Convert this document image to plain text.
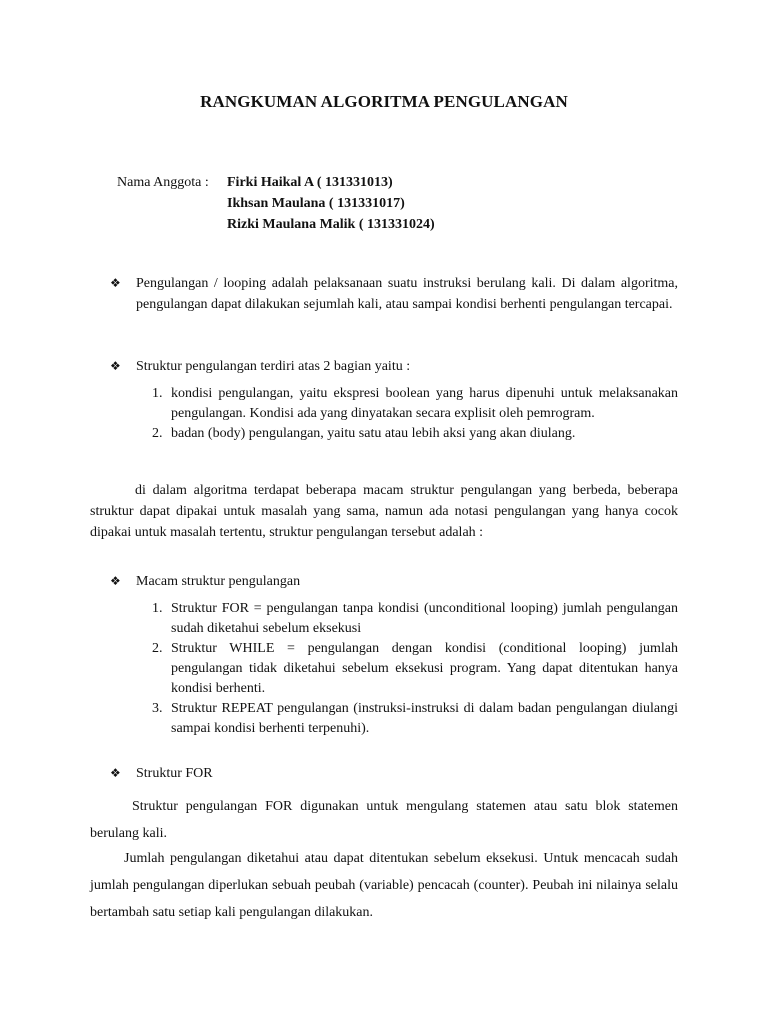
RANGKUMAN ALGORITMA PENGULANGAN
Nama Anggota : Firki Haikal A ( 131331013)
Ikhsan Maulana ( 131331017)
Rizki Maulana Malik ( 131331024)
❖	Pengulangan / looping adalah pelaksanaan suatu instruksi berulang kali. Di dalam algoritma, pengulangan dapat dilakukan sejumlah kali, atau sampai kondisi berhenti pengulangan tercapai.
❖	Struktur pengulangan terdiri atas 2 bagian yaitu :
1. kondisi pengulangan, yaitu ekspresi boolean yang harus dipenuhi untuk melaksanakan pengulangan. Kondisi ada yang dinyatakan secara explisit oleh pemrogram.
2. badan (body) pengulangan, yaitu satu atau lebih aksi yang akan diulang.
di dalam algoritma terdapat beberapa macam struktur pengulangan yang berbeda, beberapa struktur dapat dipakai untuk masalah yang sama, namun ada notasi pengulangan yang hanya cocok dipakai untuk masalah tertentu, struktur pengulangan tersebut adalah :
❖	Macam struktur pengulangan
1. Struktur FOR = pengulangan tanpa kondisi (unconditional looping) jumlah pengulangan sudah diketahui sebelum eksekusi
2. Struktur WHILE = pengulangan dengan kondisi (conditional looping) jumlah pengulangan tidak diketahui sebelum eksekusi program. Yang dapat ditentukan hanya kondisi berhenti.
3. Struktur REPEAT pengulangan (instruksi-instruksi di dalam badan pengulangan diulangi sampai kondisi berhenti terpenuhi).
❖	Struktur FOR
Struktur pengulangan FOR digunakan untuk mengulang statemen atau satu blok statemen berulang kali.
Jumlah pengulangan diketahui atau dapat ditentukan sebelum eksekusi. Untuk mencacah sudah jumlah pengulangan diperlukan sebuah peubah (variable) pencacah (counter). Peubah ini nilainya selalu bertambah satu setiap kali pengulangan dilakukan.
